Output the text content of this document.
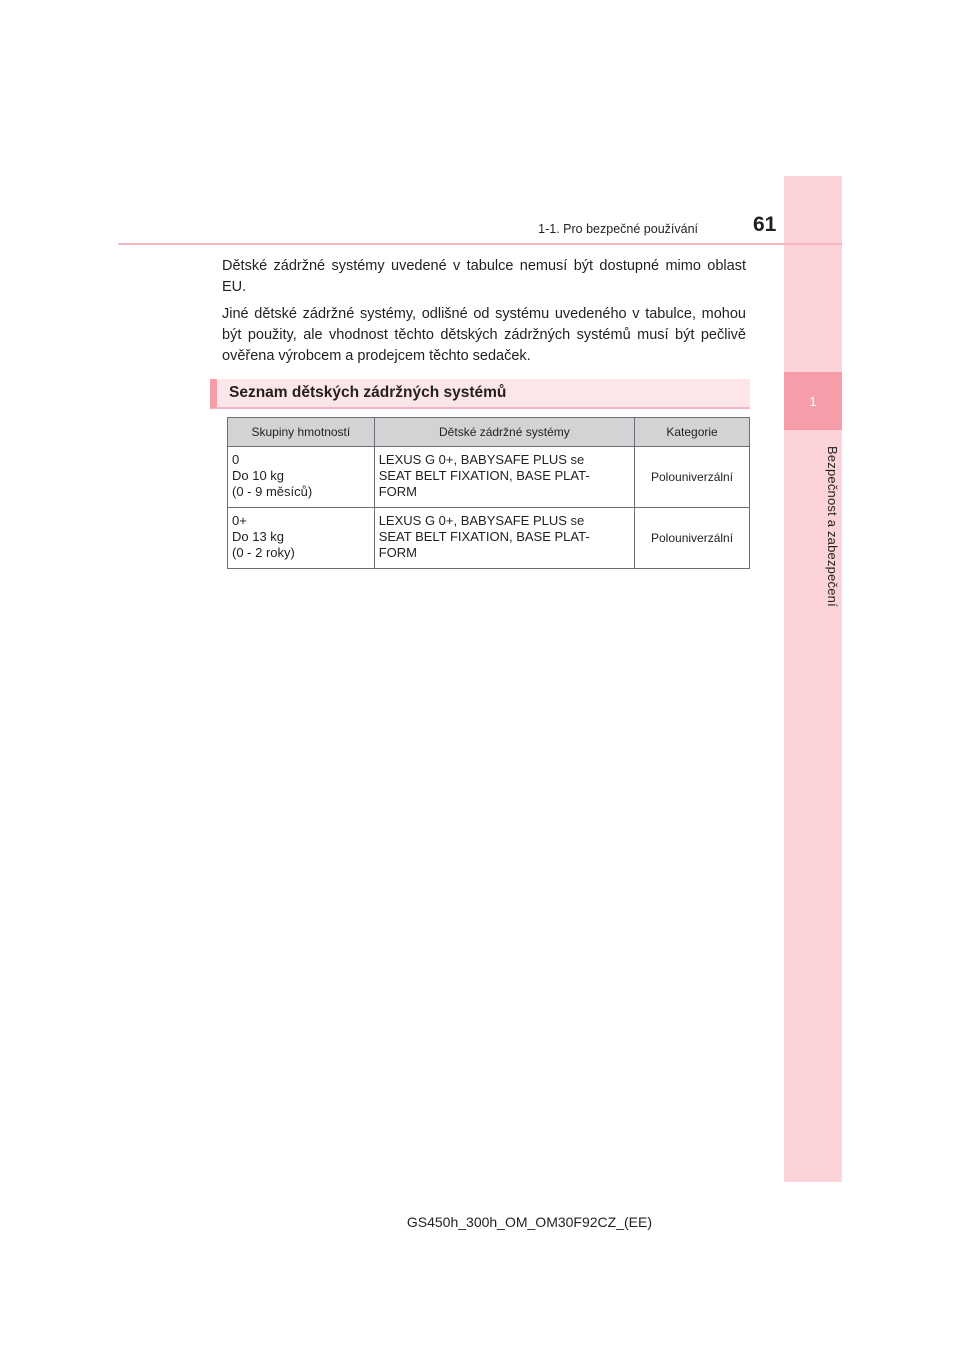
1
Bezpečnost a zabezpečení
1-1. Pro bezpečné používání	61

Dětské zádržné systémy uvedené v tabulce nemusí být dostupné mimo oblast EU.

Jiné dětské zádržné systémy, odlišné od systému uvedeného v tabulce, mohou být použity, ale vhodnost těchto dětských zádržných systémů musí být pečlivě ověřena výrobcem a prodejcem těchto sedaček.

Seznam dětských zádržných systémů
Skupiny hmotností	Dětské zádržné systémy	Kategorie

0
Do 10 kg
(0 - 9 měsíců)	LEXUS G 0+, BABYSAFE PLUS se
SEAT BELT FIXATION, BASE PLAT-
FORM	Polouniverzální

0+
Do 13 kg
(0 - 2 roky)	LEXUS G 0+, BABYSAFE PLUS se
SEAT BELT FIXATION, BASE PLAT-
FORM	Polouniverzální
GS450h_300h_OM_OM30F92CZ_(EE)
